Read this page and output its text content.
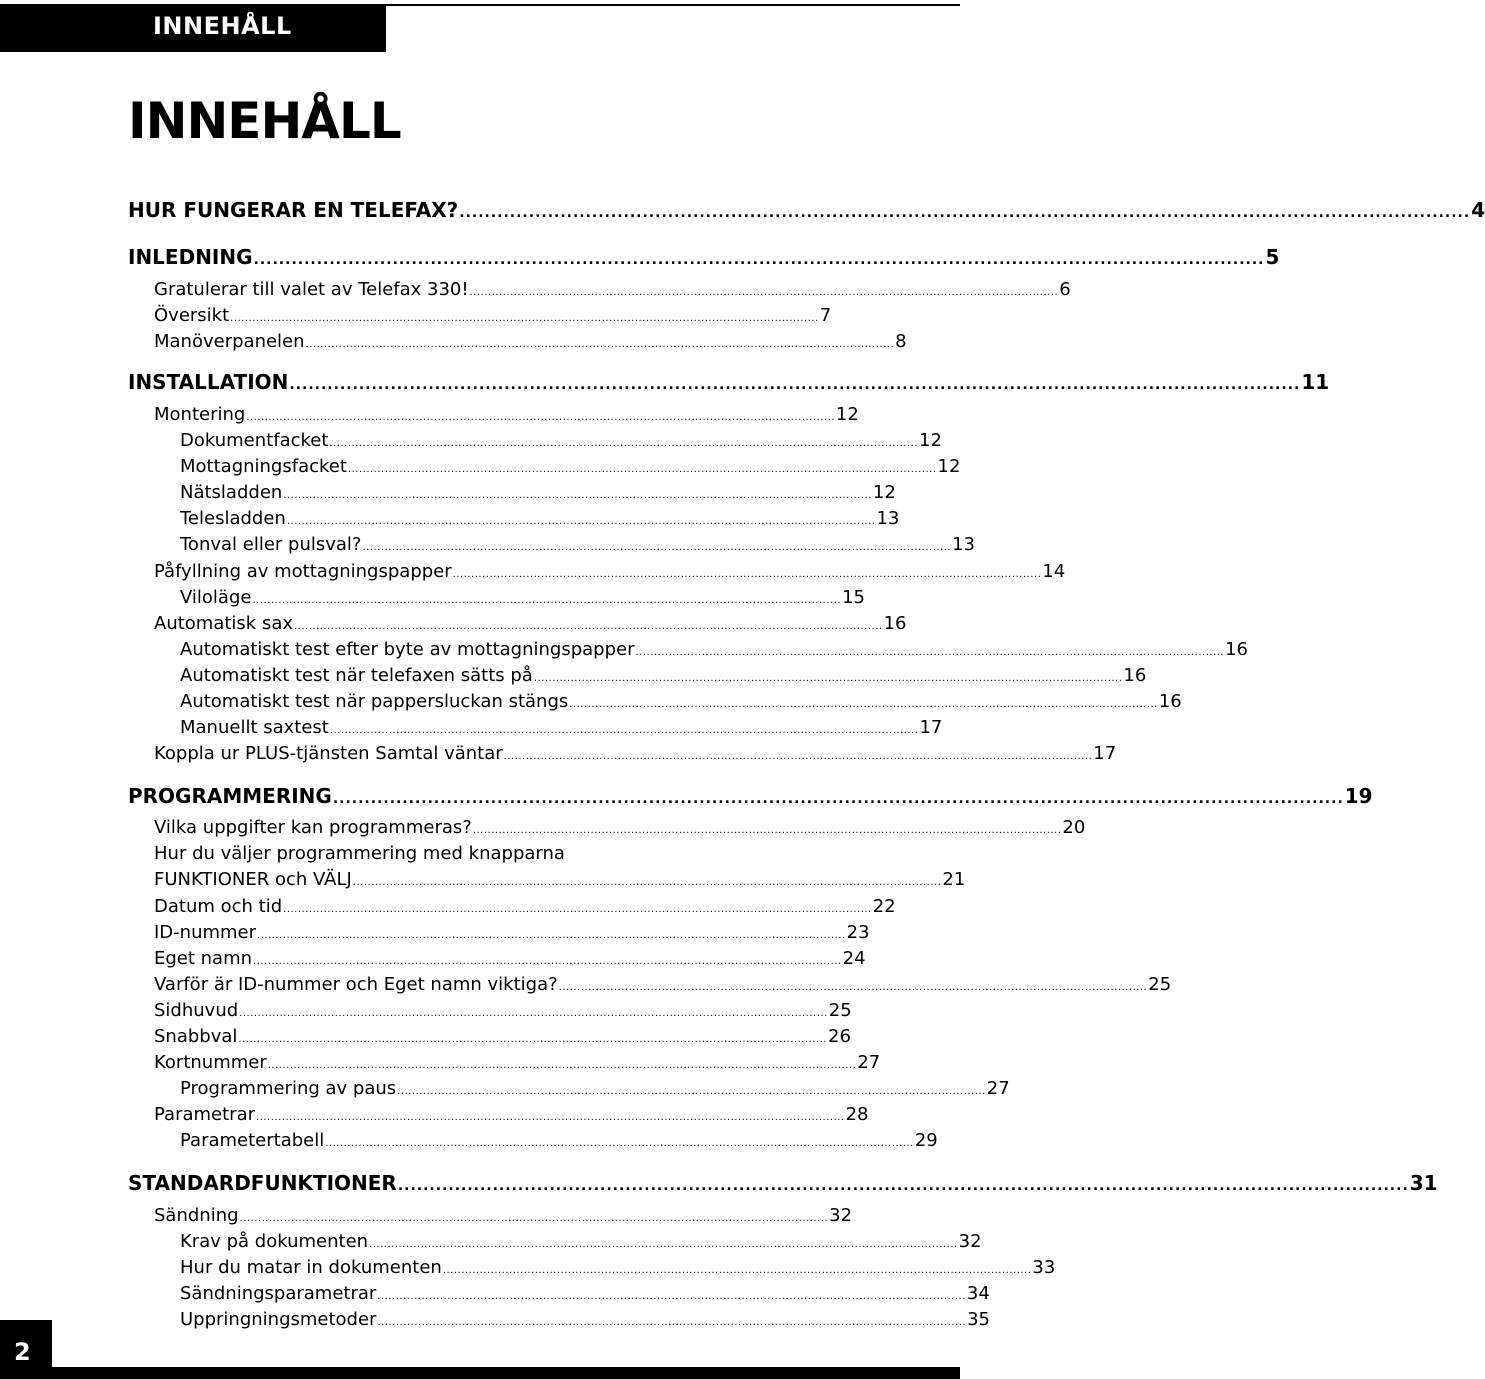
INNEHÅLL
INNEHÅLL
HUR FUNGERAR EN TELEFAX? ................................................................................................................................................................ 4
INLEDNING ................................................................................................................................................................ 5
Gratulerar till valet av Telefax 330! ................................................................................................................................................................ 6
Översikt ................................................................................................................................................................ 7
Manöverpanelen ................................................................................................................................................................ 8
INSTALLATION ................................................................................................................................................................ 11
Montering ................................................................................................................................................................ 12
Dokumentfacket ................................................................................................................................................................ 12
Mottagningsfacket ................................................................................................................................................................ 12
Nätsladden ................................................................................................................................................................ 12
Telesladden ................................................................................................................................................................ 13
Tonval eller pulsval? ................................................................................................................................................................ 13
Påfyllning av mottagningspapper ................................................................................................................................................................ 14
Viloläge ................................................................................................................................................................ 15
Automatisk sax ................................................................................................................................................................ 16
Automatiskt test efter byte av mottagningspapper ................................................................................................................................................................ 16
Automatiskt test när telefaxen sätts på ................................................................................................................................................................ 16
Automatiskt test när pappersluckan stängs ................................................................................................................................................................ 16
Manuellt saxtest ................................................................................................................................................................ 17
Koppla ur PLUS-tjänsten Samtal väntar ................................................................................................................................................................ 17
PROGRAMMERING ................................................................................................................................................................ 19
Vilka uppgifter kan programmeras? ................................................................................................................................................................ 20
Hur du väljer programmering med knapparna
FUNKTIONER och VÄLJ ................................................................................................................................................................ 21
Datum och tid ................................................................................................................................................................ 22
ID-nummer ................................................................................................................................................................ 23
Eget namn ................................................................................................................................................................ 24
Varför är ID-nummer och Eget namn viktiga? ................................................................................................................................................................ 25
Sidhuvud ................................................................................................................................................................ 25
Snabbval ................................................................................................................................................................ 26
Kortnummer ................................................................................................................................................................ 27
Programmering av paus ................................................................................................................................................................ 27
Parametrar ................................................................................................................................................................ 28
Parametertabell ................................................................................................................................................................ 29
STANDARDFUNKTIONER ................................................................................................................................................................ 31
Sändning ................................................................................................................................................................ 32
Krav på dokumenten ................................................................................................................................................................ 32
Hur du matar in dokumenten ................................................................................................................................................................ 33
Sändningsparametrar ................................................................................................................................................................ 34
Uppringningsmetoder ................................................................................................................................................................ 35
2
